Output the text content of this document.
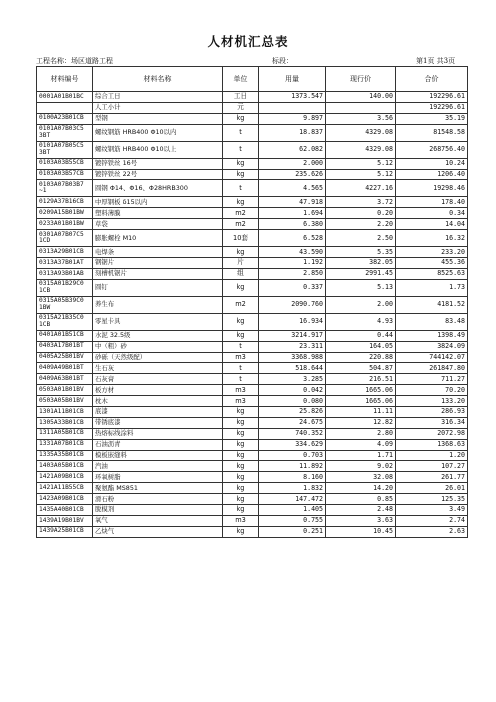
人材机汇总表
工程名称：场区道路工程	标段：	第1页 共3页
材料编号	材料名称	单位	用量	现行价	合价
0001A01B01BC	综合工日	工日	1373.547	140.00	192296.61
	人工小计	元			192296.61
0100A23B01CB	型钢	kg	9.897	3.56	35.19
0101A07B03C5 3BT	螺纹钢筋 HRB400 Φ10以内	t	18.837	4329.08	81548.58
0101A07B05C5 3BT	螺纹钢筋 HRB400 Φ10以上	t	62.082	4329.08	268756.40
0103A03B55CB	镀锌铁丝 16号	kg	2.000	5.12	10.24
0103A03B57CB	镀锌铁丝 22号	kg	235.626	5.12	1206.40
0103A07B03B7 ~1	圆钢 Φ14、Φ16、Φ28HRB300	t	4.565	4227.16	19298.46
0129A37B16CB	中厚钢板 δ15以内	kg	47.918	3.72	178.40
0209A15B01BW	塑料薄膜	m2	1.694	0.20	0.34
0233A01B01BW	草袋	m2	6.380	2.20	14.04
0301A07B07C5 1CD	膨胀螺栓 M10	10套	6.528	2.50	16.32
0313A29B01CB	电焊条	kg	43.590	5.35	233.20
0313A37B01AT	钢锯片	片	1.192	382.05	455.36
0313A93B01AB	刻槽机锯片	组	2.850	2991.45	8525.63
0315A01B29C0 1CB	圆钉	kg	0.337	5.13	1.73
0315A05B39C0 1BW	养生布	m2	2090.760	2.00	4181.52
0315A21B35C0 1CB	零星卡具	kg	16.934	4.93	83.48
0401A01B51CB	水泥 32.5级	kg	3214.917	0.44	1398.49
0403A17B01BT	中（粗）砂	t	23.311	164.05	3824.09
0405A25B01BV	砂砾（天然级配）	m3	3368.988	220.88	744142.07
0409A49B01BT	生石灰	t	518.644	504.87	261847.80
0409A63B01BT	石灰膏	t	3.285	216.51	711.27
0503A01B01BV	板方材	m3	0.042	1665.06	70.20
0503A05B01BV	枕木	m3	0.080	1665.06	133.20
1301A11B01CB	底漆	kg	25.826	11.11	286.93
1305A33B01CB	带锈底漆	kg	24.675	12.82	316.34
1311A05B01CB	热熔标线涂料	kg	740.352	2.80	2072.98
1331A07B01CB	石油沥青	kg	334.629	4.09	1368.63
1335A35B01CB	模板嵌缝料	kg	0.703	1.71	1.20
1403A05B01CB	汽油	kg	11.892	9.02	107.27
1421A09B01CB	环氧树脂	kg	8.160	32.08	261.77
1421A11B55CB	聚氨酯 MS851	kg	1.832	14.20	26.01
1423A09B01CB	滑石粉	kg	147.472	0.85	125.35
1435A40B01CB	脱模剂	kg	1.405	2.48	3.49
1439A19B01BV	氧气	m3	0.755	3.63	2.74
1439A25B01CB	乙炔气	kg	0.251	10.45	2.63
